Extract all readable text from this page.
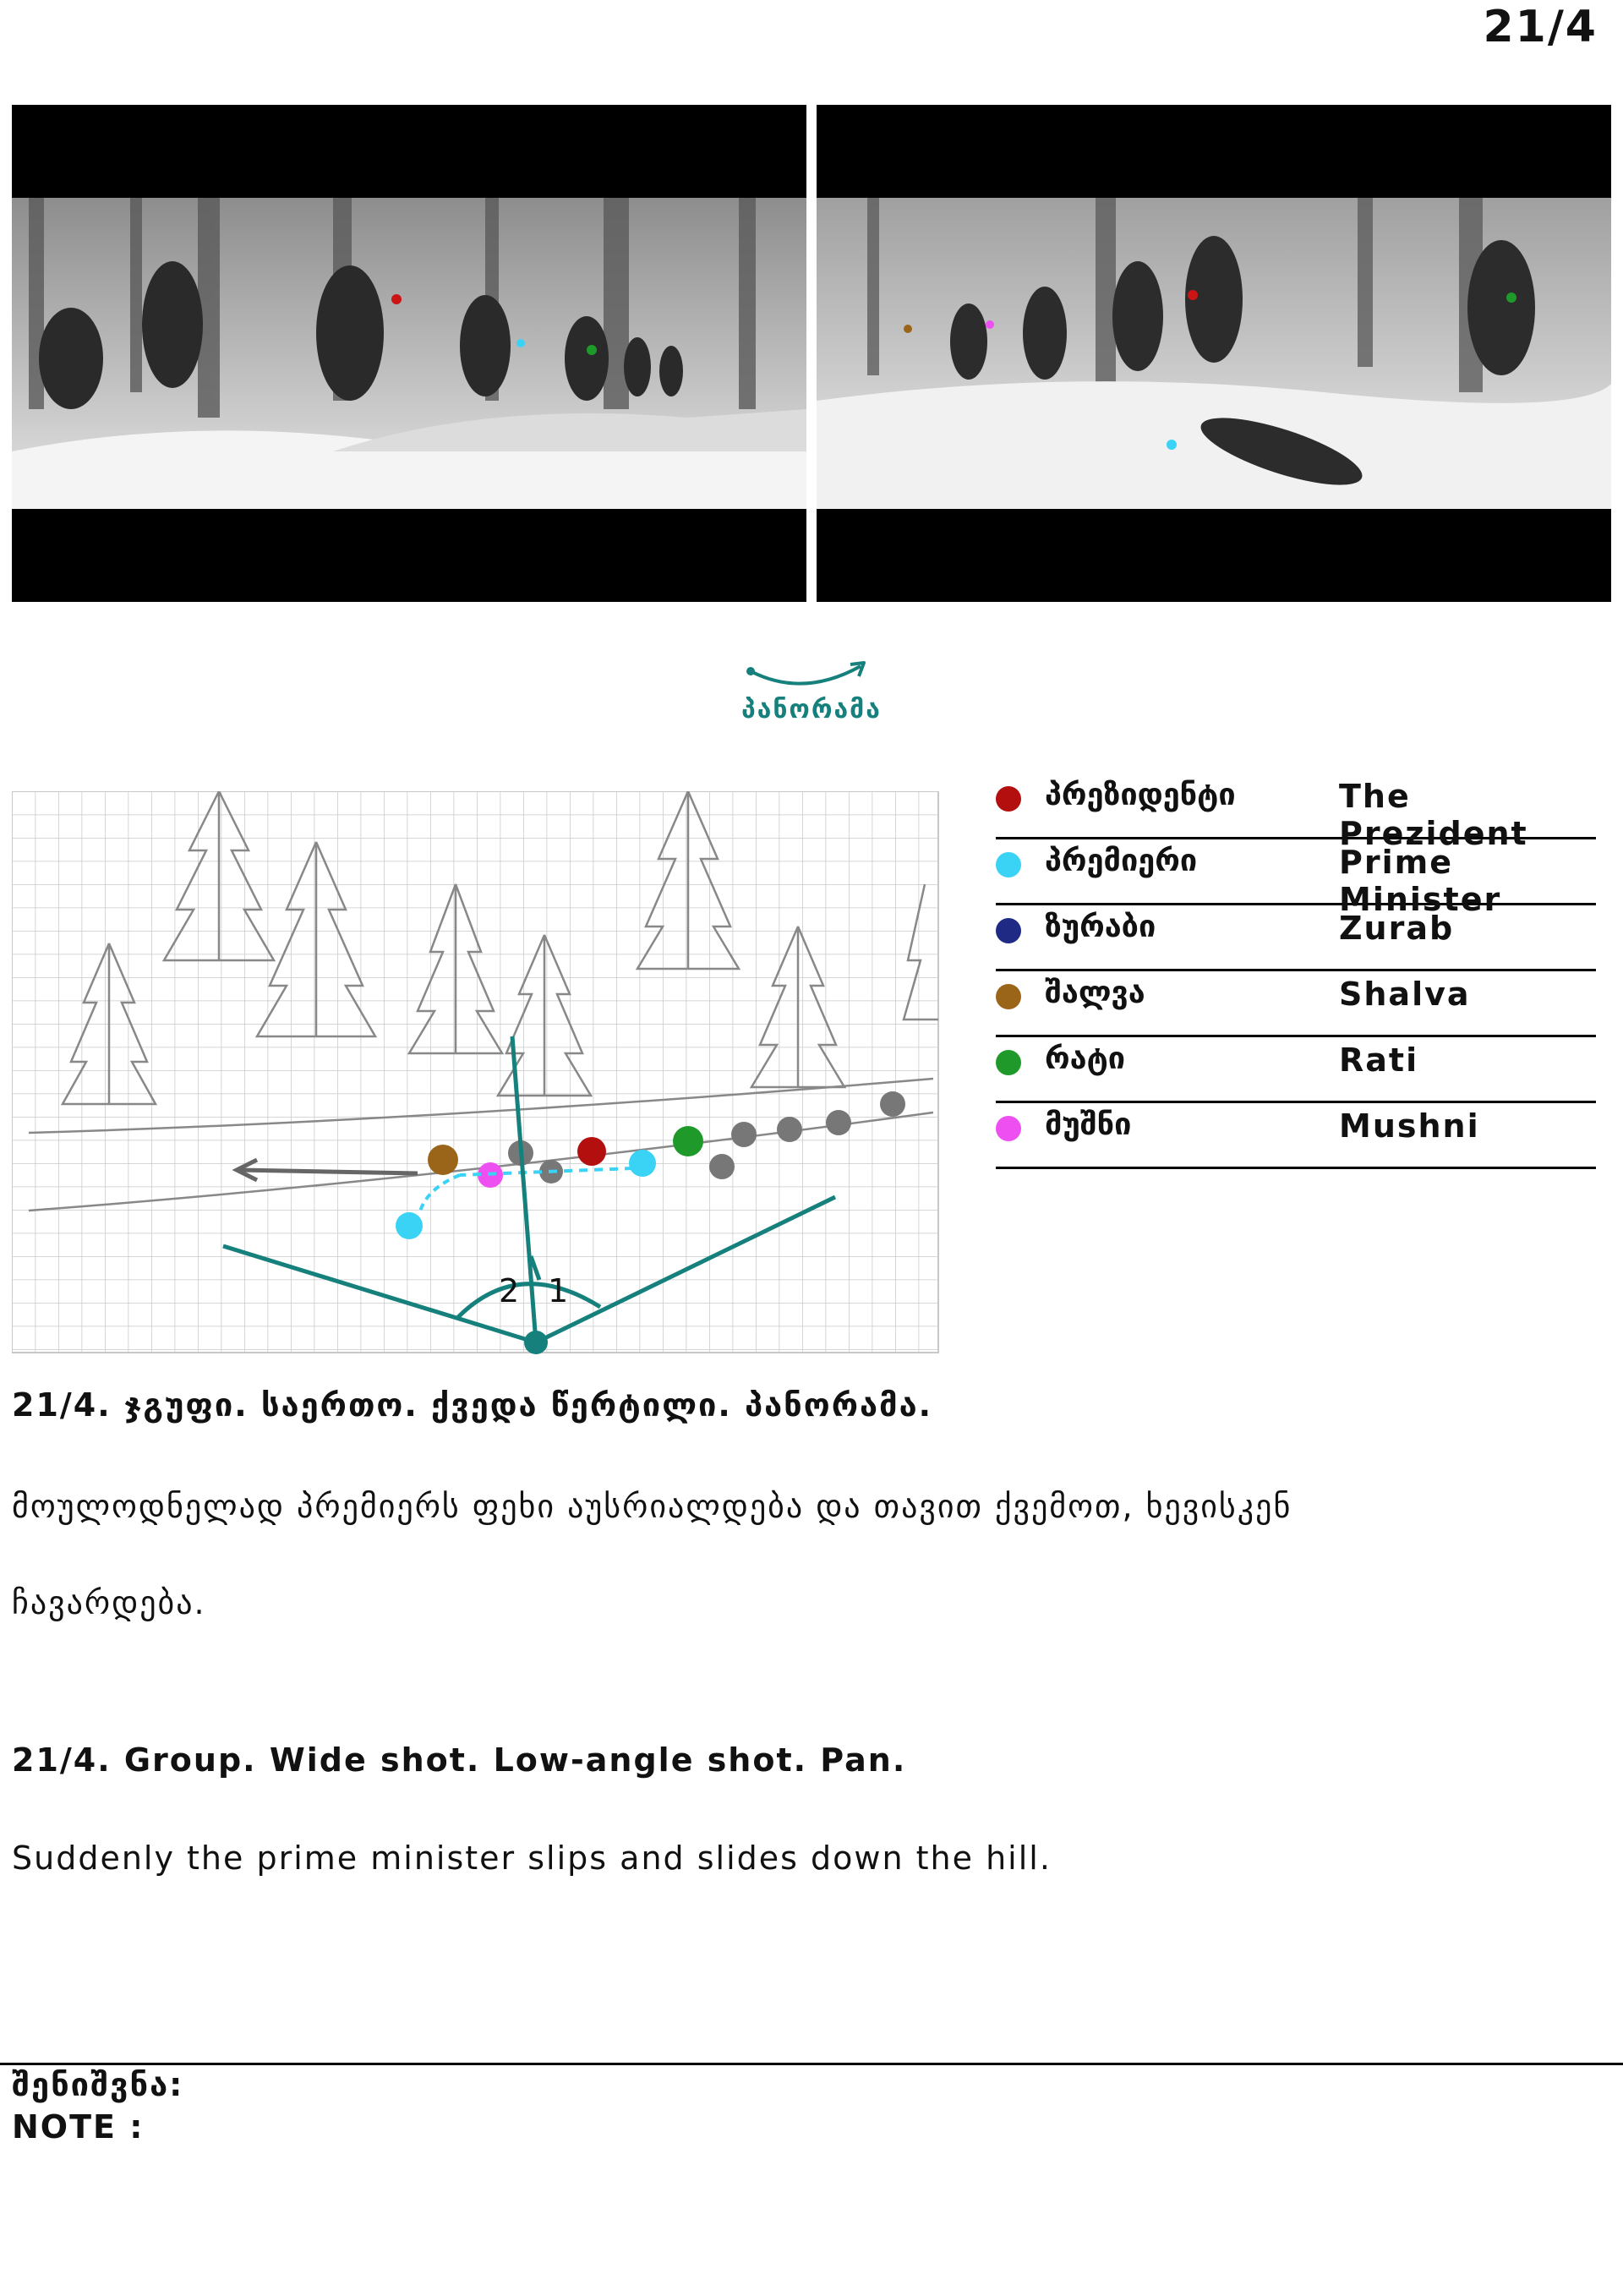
21/4
პანორამა
2 1
პრეზიდენტი	The Prezident
პრემიერი	Prime Minister
ზურაბი	Zurab
შალვა	Shalva
რატი	Rati
მუშნი	Mushni
21/4. ჯგუფი. საერთო. ქვედა წერტილი. პანორამა.
მოულოდნელად პრემიერს ფეხი აუსრიალდება და თავით ქვემოთ, ხევისკენ
ჩავარდება.
21/4. Group. Wide shot. Low-angle shot. Pan.
Suddenly the prime minister slips and slides down the hill.
შენიშვნა:
NOTE :
